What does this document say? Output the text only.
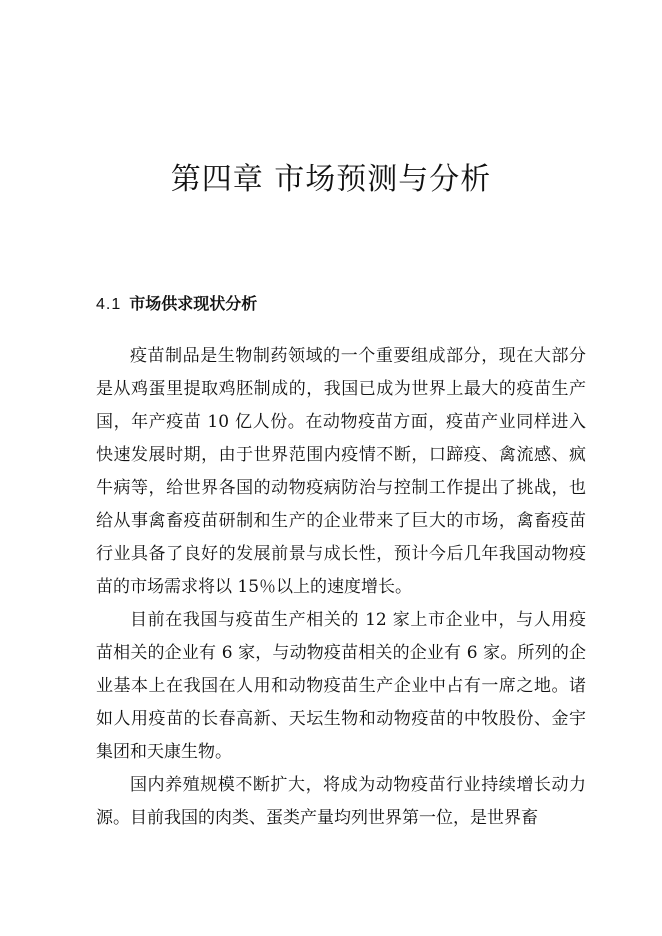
第四章 市场预测与分析
4.1 市场供求现状分析

疫苗制品是生物制药领域的一个重要组成部分，现在大部分是从鸡蛋里提取鸡胚制成的，我国已成为世界上最大的疫苗生产国，年产疫苗 10 亿人份。在动物疫苗方面，疫苗产业同样进入快速发展时期，由于世界范围内疫情不断，口蹄疫、禽流感、疯牛病等，给世界各国的动物疫病防治与控制工作提出了挑战，也给从事禽畜疫苗研制和生产的企业带来了巨大的市场，禽畜疫苗行业具备了良好的发展前景与成长性，预计今后几年我国动物疫苗的市场需求将以 15％以上的速度增长。

目前在我国与疫苗生产相关的 12 家上市企业中，与人用疫苗相关的企业有 6 家，与动物疫苗相关的企业有 6 家。所列的企业基本上在我国在人用和动物疫苗生产企业中占有一席之地。诸如人用疫苗的长春高新、天坛生物和动物疫苗的中牧股份、金宇集团和天康生物。

国内养殖规模不断扩大，将成为动物疫苗行业持续增长动力源。目前我国的肉类、蛋类产量均列世界第一位，是世界畜
